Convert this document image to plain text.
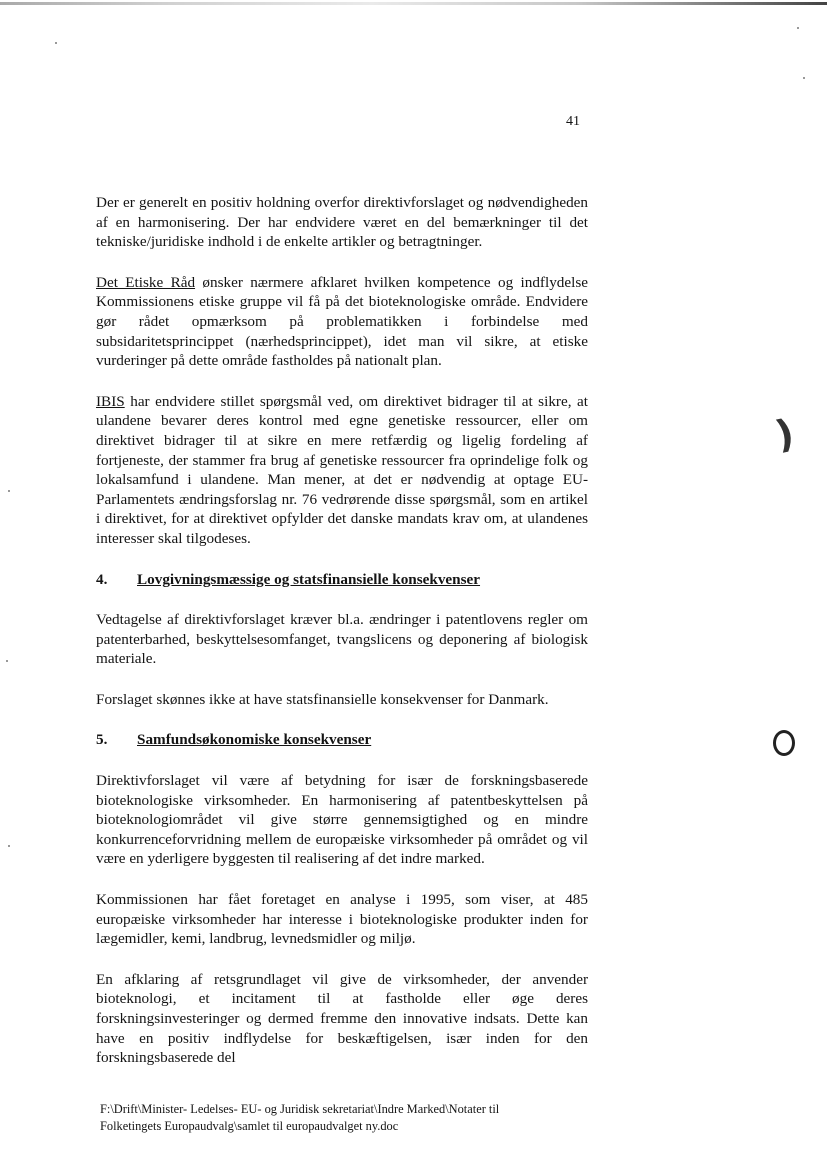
41

Der er generelt en positiv holdning overfor direktivforslaget og nødvendigheden af en harmonisering. Der har endvidere været en del bemærkninger til det tekniske/juridiske indhold i de enkelte artikler og betragtninger.

Det Etiske Råd ønsker nærmere afklaret hvilken kompetence og indflydelse Kommissionens etiske gruppe vil få på det bioteknologiske område. Endvidere gør rådet opmærksom på problematikken i forbindelse med subsidaritetsprincippet (nærhedsprincippet), idet man vil sikre, at etiske vurderinger på dette område fastholdes på nationalt plan.

IBIS har endvidere stillet spørgsmål ved, om direktivet bidrager til at sikre, at ulandene bevarer deres kontrol med egne genetiske ressourcer, eller om direktivet bidrager til at sikre en mere retfærdig og ligelig fordeling af fortjeneste, der stammer fra brug af genetiske ressourcer fra oprindelige folk og lokalsamfund i ulandene. Man mener, at det er nødvendig at optage EU-Parlamentets ændringsforslag nr. 76 vedrørende disse spørgsmål, som en artikel i direktivet, for at direktivet opfylder det danske mandats krav om, at ulandenes interesser skal tilgodeses.

4.	Lovgivningsmæssige og statsfinansielle konsekvenser

Vedtagelse af direktivforslaget kræver bl.a. ændringer i patentlovens regler om patenterbarhed, beskyttelsesomfanget, tvangslicens og deponering af biologisk materiale.

Forslaget skønnes ikke at have statsfinansielle konsekvenser for Danmark.

5.	Samfundsøkonomiske konsekvenser

Direktivforslaget vil være af betydning for især de forskningsbaserede bioteknologiske virksomheder. En harmonisering af patentbeskyttelsen på bioteknologiområdet vil give større gennemsigtighed og en mindre konkurrenceforvridning mellem de europæiske virksomheder på området og vil være en yderligere byggesten til realisering af det indre marked.

Kommissionen har fået foretaget en analyse i 1995, som viser, at 485 europæiske virksomheder har interesse i bioteknologiske produkter inden for lægemidler, kemi, landbrug, levnedsmidler og miljø.

En afklaring af retsgrundlaget vil give de virksomheder, der anvender bioteknologi, et incitament til at fastholde eller øge deres forskningsinvesteringer og dermed fremme den innovative indsats. Dette kan have en positiv indflydelse for beskæftigelsen, især inden for den forskningsbaserede del

F:\Drift\Minister- Ledelses- EU- og Juridisk sekretariat\Indre Marked\Notater til
Folketingets Europaudvalg\samlet til europaudvalget ny.doc
)
